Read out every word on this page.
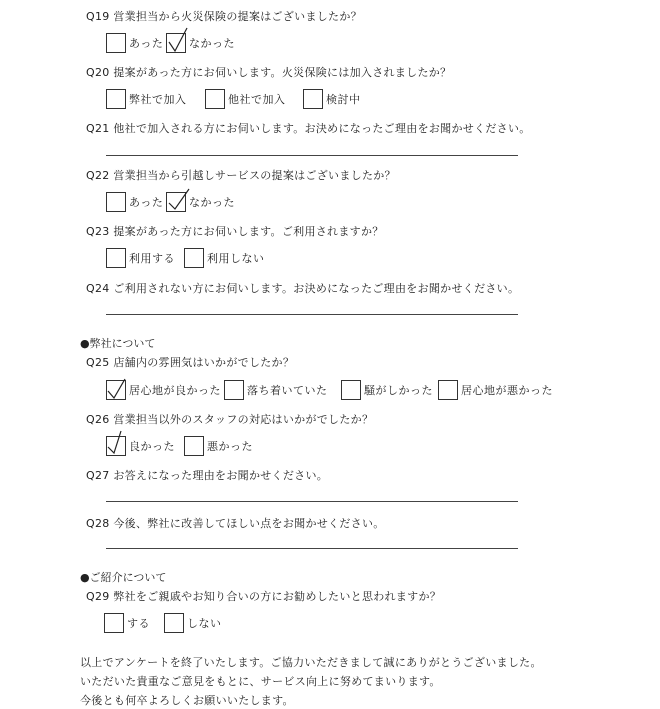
Q19 営業担当から火災保険の提案はございましたか？
あった なかった
Q20 提案があった方にお伺いします。火災保険には加入されましたか？
弊社で加入	他社で加入	検討中
Q21 他社で加入される方にお伺いします。お決めになったご理由をお聞かせください。
Q22 営業担当から引越しサービスの提案はございましたか？
あった なかった
Q23 提案があった方にお伺いします。ご利用されますか？
利用する	利用しない
Q24 ご利用されない方にお伺いします。お決めになったご理由をお聞かせください。
●弊社について
Q25 店舗内の雰囲気はいかがでしたか？
居心地が良かった 落ち着いていた	騒がしかった	居心地が悪かった
Q26 営業担当以外のスタッフの対応はいかがでしたか？
良かった	悪かった
Q27 お答えになった理由をお聞かせください。
Q28 今後、弊社に改善してほしい点をお聞かせください。
●ご紹介について
Q29 弊社をご親戚やお知り合いの方にお勧めしたいと思われますか？
する	しない
以上でアンケートを終了いたします。ご協力いただきまして誠にありがとうございました。
いただいた貴重なご意見をもとに、サービス向上に努めてまいります。
今後とも何卒よろしくお願いいたします。
